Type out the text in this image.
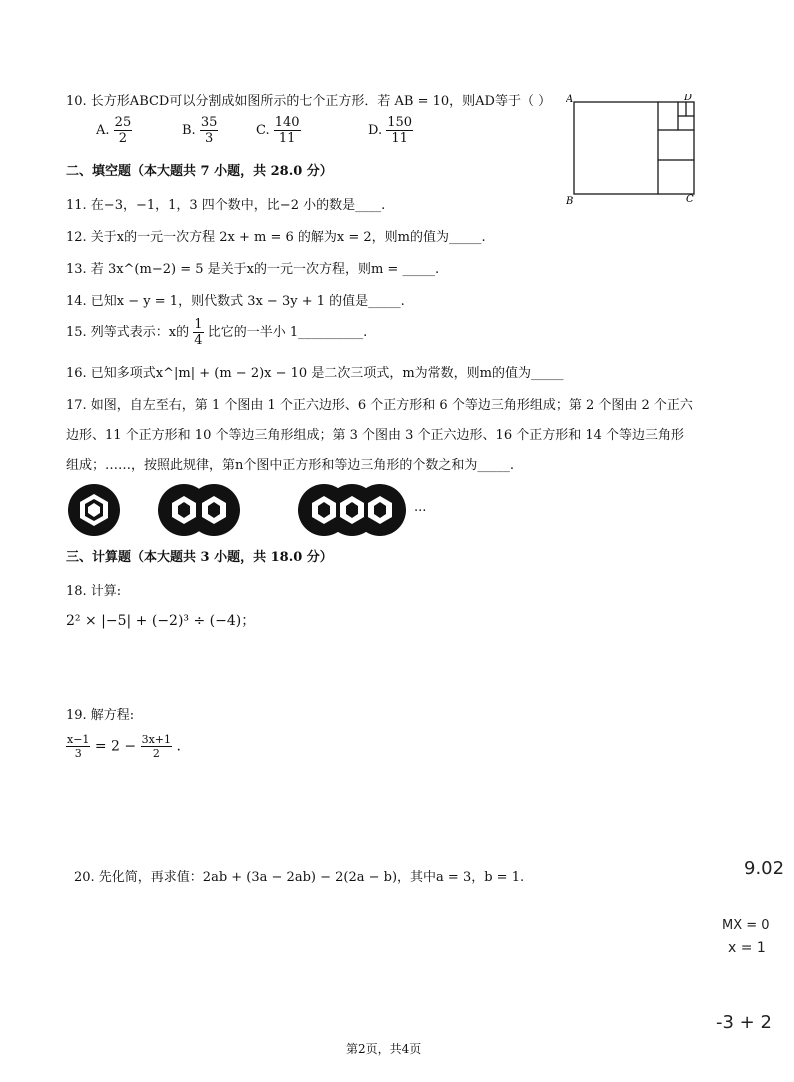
10. 长方形ABCD可以分割成如图所示的七个正方形．若 AB = 10，则AD等于（ ）
A. $\frac{25}{2}$	B. $\frac{35}{3}$	C. $\frac{140}{11}$	D. $\frac{150}{11}$
A	D
B	C
二、填空题（本大题共 7 小题，共 28.0 分）
11. 在−3，−1，1，3 四个数中，比−2 小的数是____.
12. 关于x的一元一次方程 2x + m = 6 的解为x = 2，则m的值为_____.
13. 若 3x^(m−2) = 5 是关于x的一元一次方程，则m = _____.
14. 已知x − y = 1，则代数式 3x − 3y + 1 的值是_____.
15. 列等式表示：x的 $\frac{1}{4}$ 比它的一半小 1__________.
16. 已知多项式x^|m| + (m − 2)x − 10 是二次三项式，m为常数，则m的值为_____
17. 如图，自左至右，第 1 个图由 1 个正六边形、6 个正方形和 6 个等边三角形组成；第 2 个图由 2 个正六
边形、11 个正方形和 10 个等边三角形组成；第 3 个图由 3 个正六边形、16 个正方形和 14 个等边三角形
组成；……，按照此规律，第n个图中正方形和等边三角形的个数之和为_____.
...
三、计算题（本大题共 3 小题，共 18.0 分）
18. 计算:
2² × |−5| + (−2)³ ÷ (−4)；
19. 解方程:
$\frac{x-1}{3} = 2 - \frac{3x+1}{2}$ .
20. 先化简，再求值：2ab + (3a − 2ab) − 2(2a − b)，其中a = 3，b = 1.	9.02
MX = 0
x = 1
-3 + 2
第2页，共4页
